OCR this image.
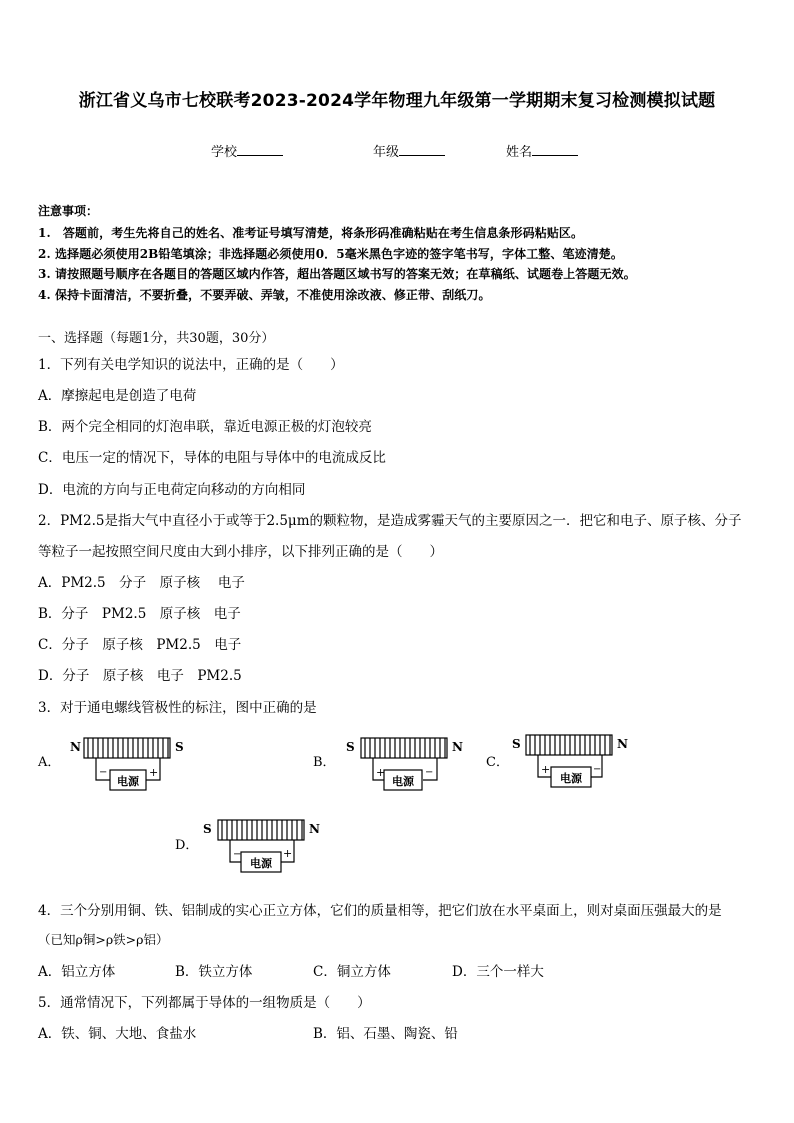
浙江省义乌市七校联考2023-2024学年物理九年级第一学期期末复习检测模拟试题
学校	年级	姓名
注意事项：
1.　答题前，考生先将自己的姓名、准考证号填写清楚，将条形码准确粘贴在考生信息条形码粘贴区。
2. 选择题必须使用2B铅笔填涂；非选择题必须使用0．5毫米黑色字迹的签字笔书写，字体工整、笔迹清楚。
3. 请按照题号顺序在各题目的答题区域内作答，超出答题区域书写的答案无效；在草稿纸、试题卷上答题无效。
4. 保持卡面清洁，不要折叠，不要弄破、弄皱，不准使用涂改液、修正带、刮纸刀。
一、选择题（每题1分，共30题，30分）
1．下列有关电学知识的说法中，正确的是（　　）
A．摩擦起电是创造了电荷
B．两个完全相同的灯泡串联，靠近电源正极的灯泡较亮
C．电压一定的情况下，导体的电阻与导体中的电流成反比
D．电流的方向与正电荷定向移动的方向相同
2．PM2.5是指大气中直径小于或等于2.5μm的颗粒物，是造成雾霾天气的主要原因之一．把它和电子、原子核、分子
等粒子一起按照空间尺度由大到小排序，以下排列正确的是（　　）
A．PM2.5　分子　原子核　 电子
B．分子　PM2.5　原子核　电子
C．分子　原子核　PM2.5　电子
D．分子　原子核　电子　PM2.5
3．对于通电螺线管极性的标注，图中正确的是
A．
N	S
电源
−	+
B．
S	N
电源
+	−
C．
S	N
电源
+	−
D．
S	N
电源
−	+
4．三个分别用铜、铁、铝制成的实心正立方体，它们的质量相等，把它们放在水平桌面上，则对桌面压强最大的是
（已知ρ铜>ρ铁>ρ铝）
A．铝立方体	B．铁立方体	C．铜立方体	D．三个一样大
5．通常情况下，下列都属于导体的一组物质是（　　）
A．铁、铜、大地、食盐水	B．铝、石墨、陶瓷、铅
